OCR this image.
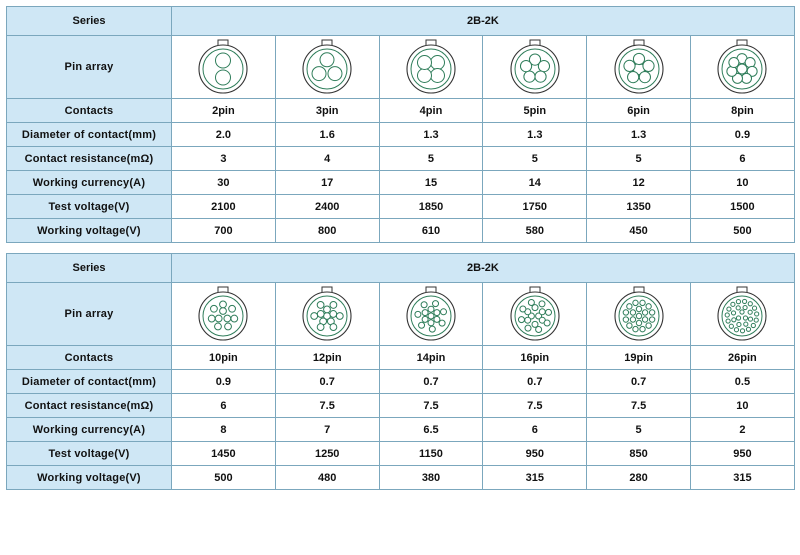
Series	2B-2K					
Pin array	

Contacts	2pin	3pin	4pin	5pin	6pin	8pin
Diameter of contact(mm)	2.0	1.6	1.3	1.3	1.3	0.9
Contact resistance(mΩ)	3	4	5	5	5	6
Working currency(A)	30	17	15	14	12	10
Test voltage(V)	2100	2400	1850	1750	1350	1500
Working voltage(V)	700	800	610	580	450	500
Series	2B-2K					
Pin array	

Contacts	10pin	12pin	14pin	16pin	19pin	26pin
Diameter of contact(mm)	0.9	0.7	0.7	0.7	0.7	0.5
Contact resistance(mΩ)	6	7.5	7.5	7.5	7.5	10
Working currency(A)	8	7	6.5	6	5	2
Test voltage(V)	1450	1250	1150	950	850	950
Working voltage(V)	500	480	380	315	280	315
